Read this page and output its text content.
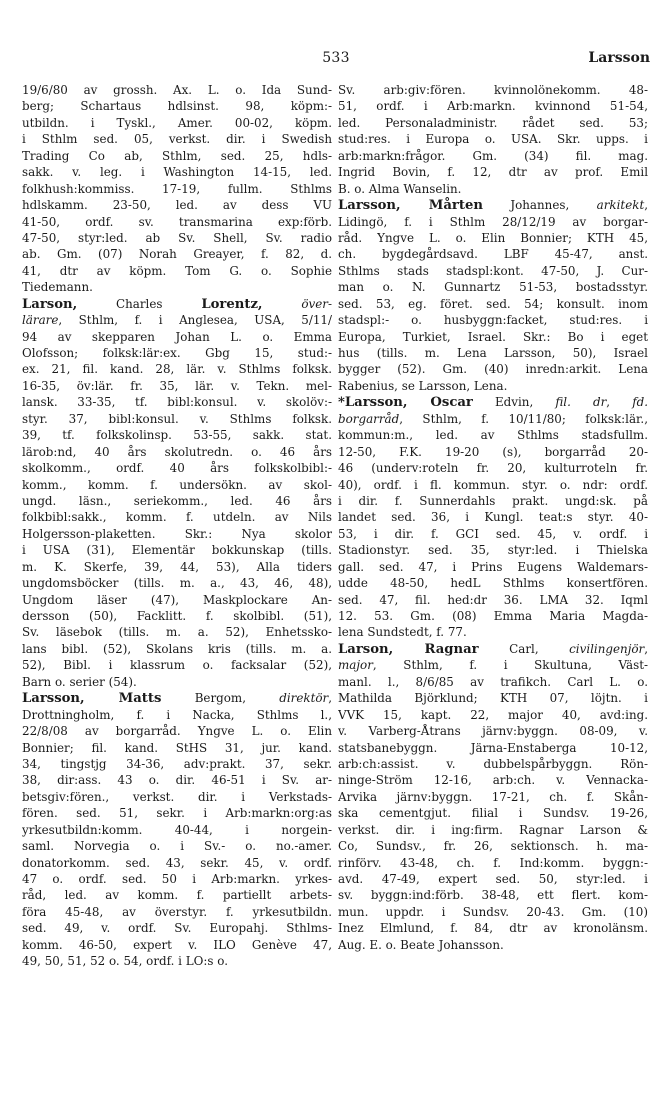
533	Larsson
19/6/80 av grossh. Ax. L. o. Ida Sund-
berg; Schartaus hdlsinst. 98, köpm:-
utbildn. i Tyskl., Amer. 00-02, köpm.
i Sthlm sed. 05, verkst. dir. i Swedish
Trading Co ab, Sthlm, sed. 25, hdls-
sakk. v. leg. i Washington 14-15, led.
folkhush:kommiss. 17-19, fullm. Sthlms
hdlskamm. 23-50, led. av dess VU
41-50, ordf. sv. transmarina exp:förb.
47-50, styr:led. ab Sv. Shell, Sv. radio
ab. Gm. (07) Norah Greayer, f. 82, d.
41, dtr av köpm. Tom G. o. Sophie
Tiedemann.
Larson, Charles Lorentz,	över-
lärare, Sthlm, f. i Anglesea, USA, 5/11/
94 av skepparen Johan L. o. Emma
Olofsson; folksk:lär:ex. Gbg 15, stud:-
ex. 21, fil. kand. 28, lär. v. Sthlms folksk.
16-35, öv:lär. fr. 35, lär. v. Tekn. mel-
lansk. 33-35, tf. bibl:konsul. v. skolöv:-
styr. 37, bibl:konsul. v. Sthlms folksk.
39, tf. folkskolinsp. 53-55, sakk. stat.
lärob:nd, 40 års skolutredn. o. 46 års
skolkomm., ordf. 40 års folkskolbibl:-
komm., komm. f. undersökn. av skol-
ungd. läsn., seriekomm., led. 46 års
folkbibl:sakk., komm. f. utdeln. av Nils
Holgersson-plaketten. Skr.: Nya skolor
i USA (31), Elementär bokkunskap (tills.
m. K. Skerfe, 39, 44, 53), Alla tiders
ungdomsböcker (tills. m. a., 43, 46, 48),
Ungdom läser (47), Maskplockare An-
dersson (50), Facklitt. f. skolbibl. (51),
Sv. läsebok (tills. m. a. 52), Enhetssko-
lans bibl. (52), Skolans kris (tills. m. a.
52), Bibl. i klassrum o. facksalar (52),
Barn o. serier (54).
Larsson, Matts Bergom, direktör,
Drottningholm, f. i Nacka, Sthlms l.,
22/8/08 av borgarråd. Yngve L. o. Elin
Bonnier; fil. kand. StHS 31, jur. kand.
34, tingstjg 34-36, adv:prakt. 37, sekr.
38, dir:ass. 43 o. dir. 46-51 i Sv. ar-
betsgiv:fören., verkst. dir. i Verkstads-
fören. sed. 51, sekr. i Arb:markn:org:as
yrkesutbildn:komm. 40-44, i norgein-
saml. Norvegia o. i Sv.- o. no.-amer.
donatorkomm. sed. 43, sekr. 45, v. ordf.
47 o. ordf. sed. 50 i Arb:markn. yrkes-
råd, led. av komm. f. partiellt arbets-
föra 45-48, av överstyr. f. yrkesutbildn.
sed. 49, v. ordf. Sv. Europahj. Sthlms-
komm. 46-50, expert v. ILO Genève 47,
49, 50, 51, 52 o. 54, ordf. i LO:s o.
Sv. arb:giv:fören. kvinnolönekomm. 48-
51, ordf. i Arb:markn. kvinnond 51-54,
led. Personaladministr. rådet sed. 53;
stud:res. i Europa o. USA. Skr. upps. i
arb:markn:frågor. Gm. (34) fil. mag.
Ingrid Bovin, f. 12, dtr av prof. Emil
B. o. Alma Wanselin.
Larsson, Mårten Johannes, arkitekt,
Lidingö, f. i Sthlm 28/12/19 av borgar-
råd. Yngve L. o. Elin Bonnier; KTH 45,
ch. bygdegårdsavd. LBF 45-47, anst.
Sthlms stads stadspl:kont. 47-50, J. Cur-
man o. N. Gunnartz 51-53, bostadsstyr.
sed. 53, eg. föret. sed. 54; konsult. inom
stadspl:- o. husbyggn:facket, stud:res. i
Europa, Turkiet, Israel. Skr.: Bo i eget
hus (tills. m. Lena Larsson, 50), Israel
bygger (52). Gm. (40) inredn:arkit. Lena
Rabenius, se Larsson, Lena.
*Larsson, Oscar Edvin, fil. dr, fd.
borgarråd, Sthlm, f. 10/11/80; folksk:lär.,
kommun:m., led. av Sthlms stadsfullm.
12-50, F.K. 19-20 (s), borgarråd 20-
46 (underv:roteln fr. 20, kulturroteln fr.
40), ordf. i fl. kommun. styr. o. ndr: ordf.
i dir. f. Sunnerdahls prakt. ungd:sk. på
landet sed. 36, i Kungl. teat:s styr. 40-
53, i dir. f. GCI sed. 45, v. ordf. i
Stadionstyr. sed. 35, styr:led. i Thielska
gall. sed. 47, i Prins Eugens Waldemars-
udde 48-50, hedL Sthlms konsertfören.
sed. 47, fil. hed:dr 36. LMA 32. Iqml
12. 53. Gm. (08) Emma Maria Magda-
lena Sundstedt, f. 77.
Larson, Ragnar Carl, civilingenjör,
major, Sthlm, f. i Skultuna, Väst-
manl. l., 8/6/85 av trafikch. Carl L. o.
Mathilda Björklund; KTH 07, löjtn. i
VVK 15, kapt. 22, major 40, avd:ing.
v. Varberg-Åtrans järnv:byggn. 08-09, v.
statsbanebyggn. Järna-Enstaberga 10-12,
arb:ch:assist. v. dubbelspårbyggn. Rön-
ninge-Ström 12-16, arb:ch. v. Vennacka-
Arvika järnv:byggn. 17-21, ch. f. Skån-
ska cementgjut. filial i Sundsv. 19-26,
verkst. dir. i ing:firm. Ragnar Larson &
Co, Sundsv., fr. 26, sektionsch. h. ma-
rinförv. 43-48, ch. f. Ind:komm. byggn:-
avd. 47-49, expert sed. 50, styr:led. i
sv. byggn:ind:förb. 38-48, ett flert. kom-
mun. uppdr. i Sundsv. 20-43. Gm. (10)
Inez Elmlund, f. 84, dtr av kronolänsm.
Aug. E. o. Beate Johansson.
